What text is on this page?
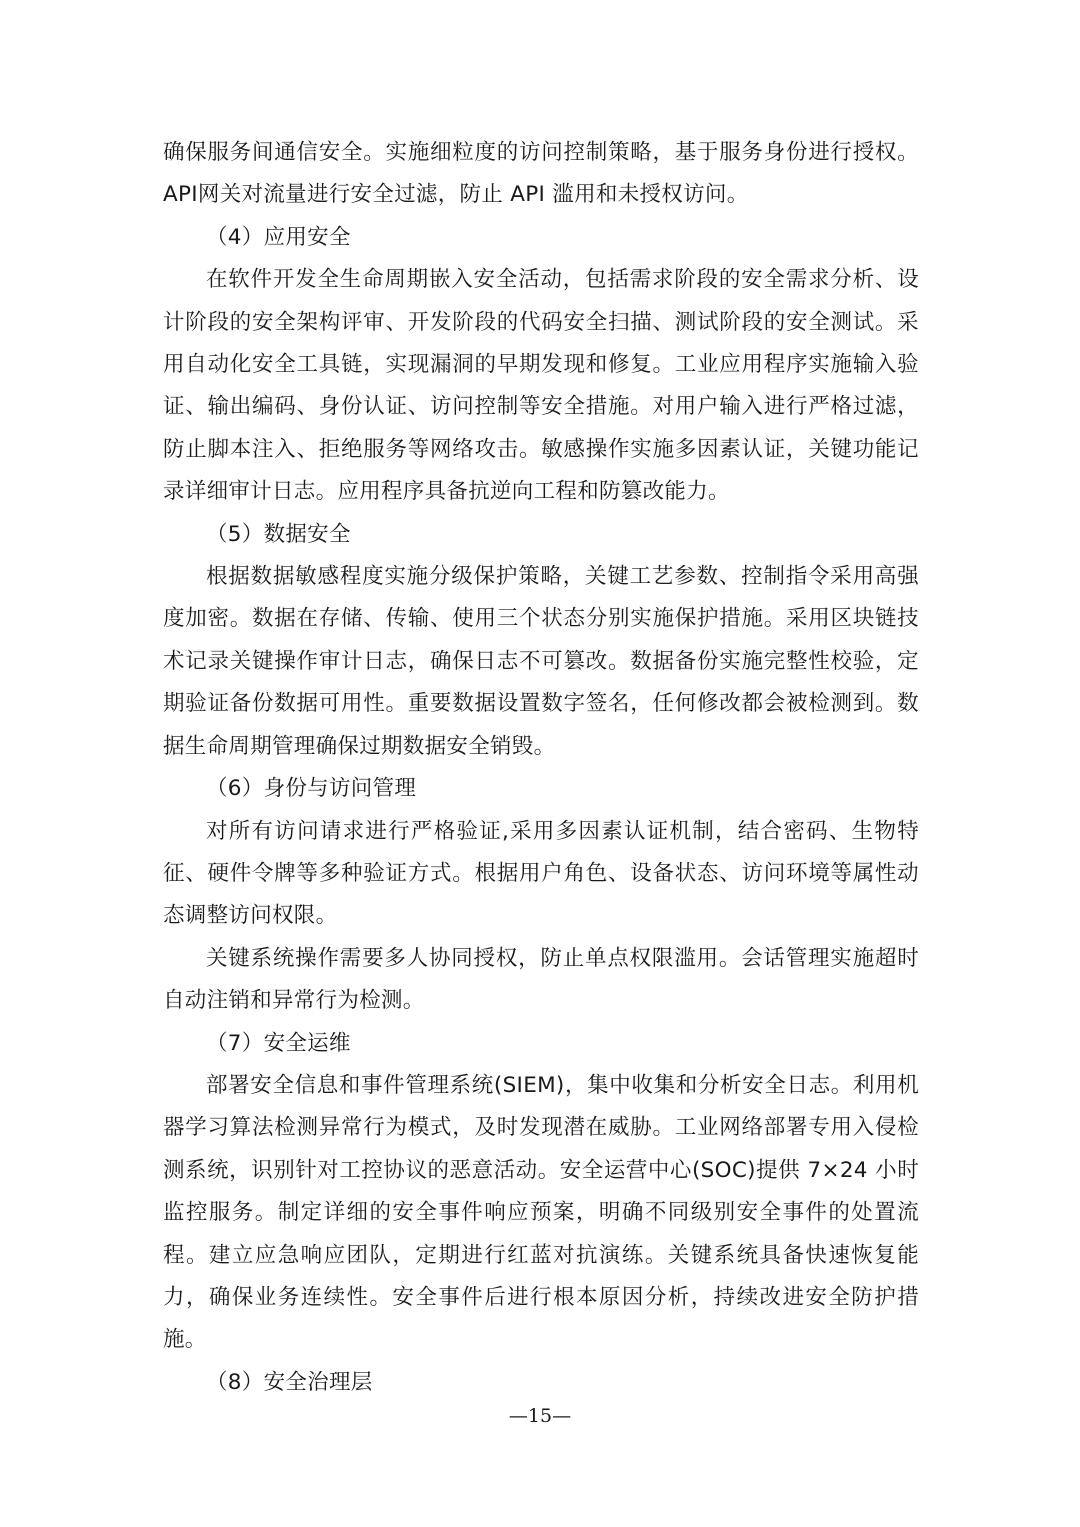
确保服务间通信安全。实施细粒度的访问控制策略，基于服务身份进行授权。API网关对流量进行安全过滤，防止 API 滥用和未授权访问。

（4）应用安全

在软件开发全生命周期嵌入安全活动，包括需求阶段的安全需求分析、设计阶段的安全架构评审、开发阶段的代码安全扫描、测试阶段的安全测试。采用自动化安全工具链，实现漏洞的早期发现和修复。工业应用程序实施输入验证、输出编码、身份认证、访问控制等安全措施。对用户输入进行严格过滤，防止脚本注入、拒绝服务等网络攻击。敏感操作实施多因素认证，关键功能记录详细审计日志。应用程序具备抗逆向工程和防篡改能力。

（5）数据安全

根据数据敏感程度实施分级保护策略，关键工艺参数、控制指令采用高强度加密。数据在存储、传输、使用三个状态分别实施保护措施。采用区块链技术记录关键操作审计日志，确保日志不可篡改。数据备份实施完整性校验，定期验证备份数据可用性。重要数据设置数字签名，任何修改都会被检测到。数据生命周期管理确保过期数据安全销毁。

（6）身份与访问管理

对所有访问请求进行严格验证,采用多因素认证机制，结合密码、生物特征、硬件令牌等多种验证方式。根据用户角色、设备状态、访问环境等属性动态调整访问权限。

关键系统操作需要多人协同授权，防止单点权限滥用。会话管理实施超时自动注销和异常行为检测。

（7）安全运维

部署安全信息和事件管理系统(SIEM)，集中收集和分析安全日志。利用机器学习算法检测异常行为模式，及时发现潜在威胁。工业网络部署专用入侵检测系统，识别针对工控协议的恶意活动。安全运营中心(SOC)提供 7×24 小时监控服务。制定详细的安全事件响应预案，明确不同级别安全事件的处置流程。建立应急响应团队，定期进行红蓝对抗演练。关键系统具备快速恢复能力，确保业务连续性。安全事件后进行根本原因分析，持续改进安全防护措施。

（8）安全治理层

—15—
